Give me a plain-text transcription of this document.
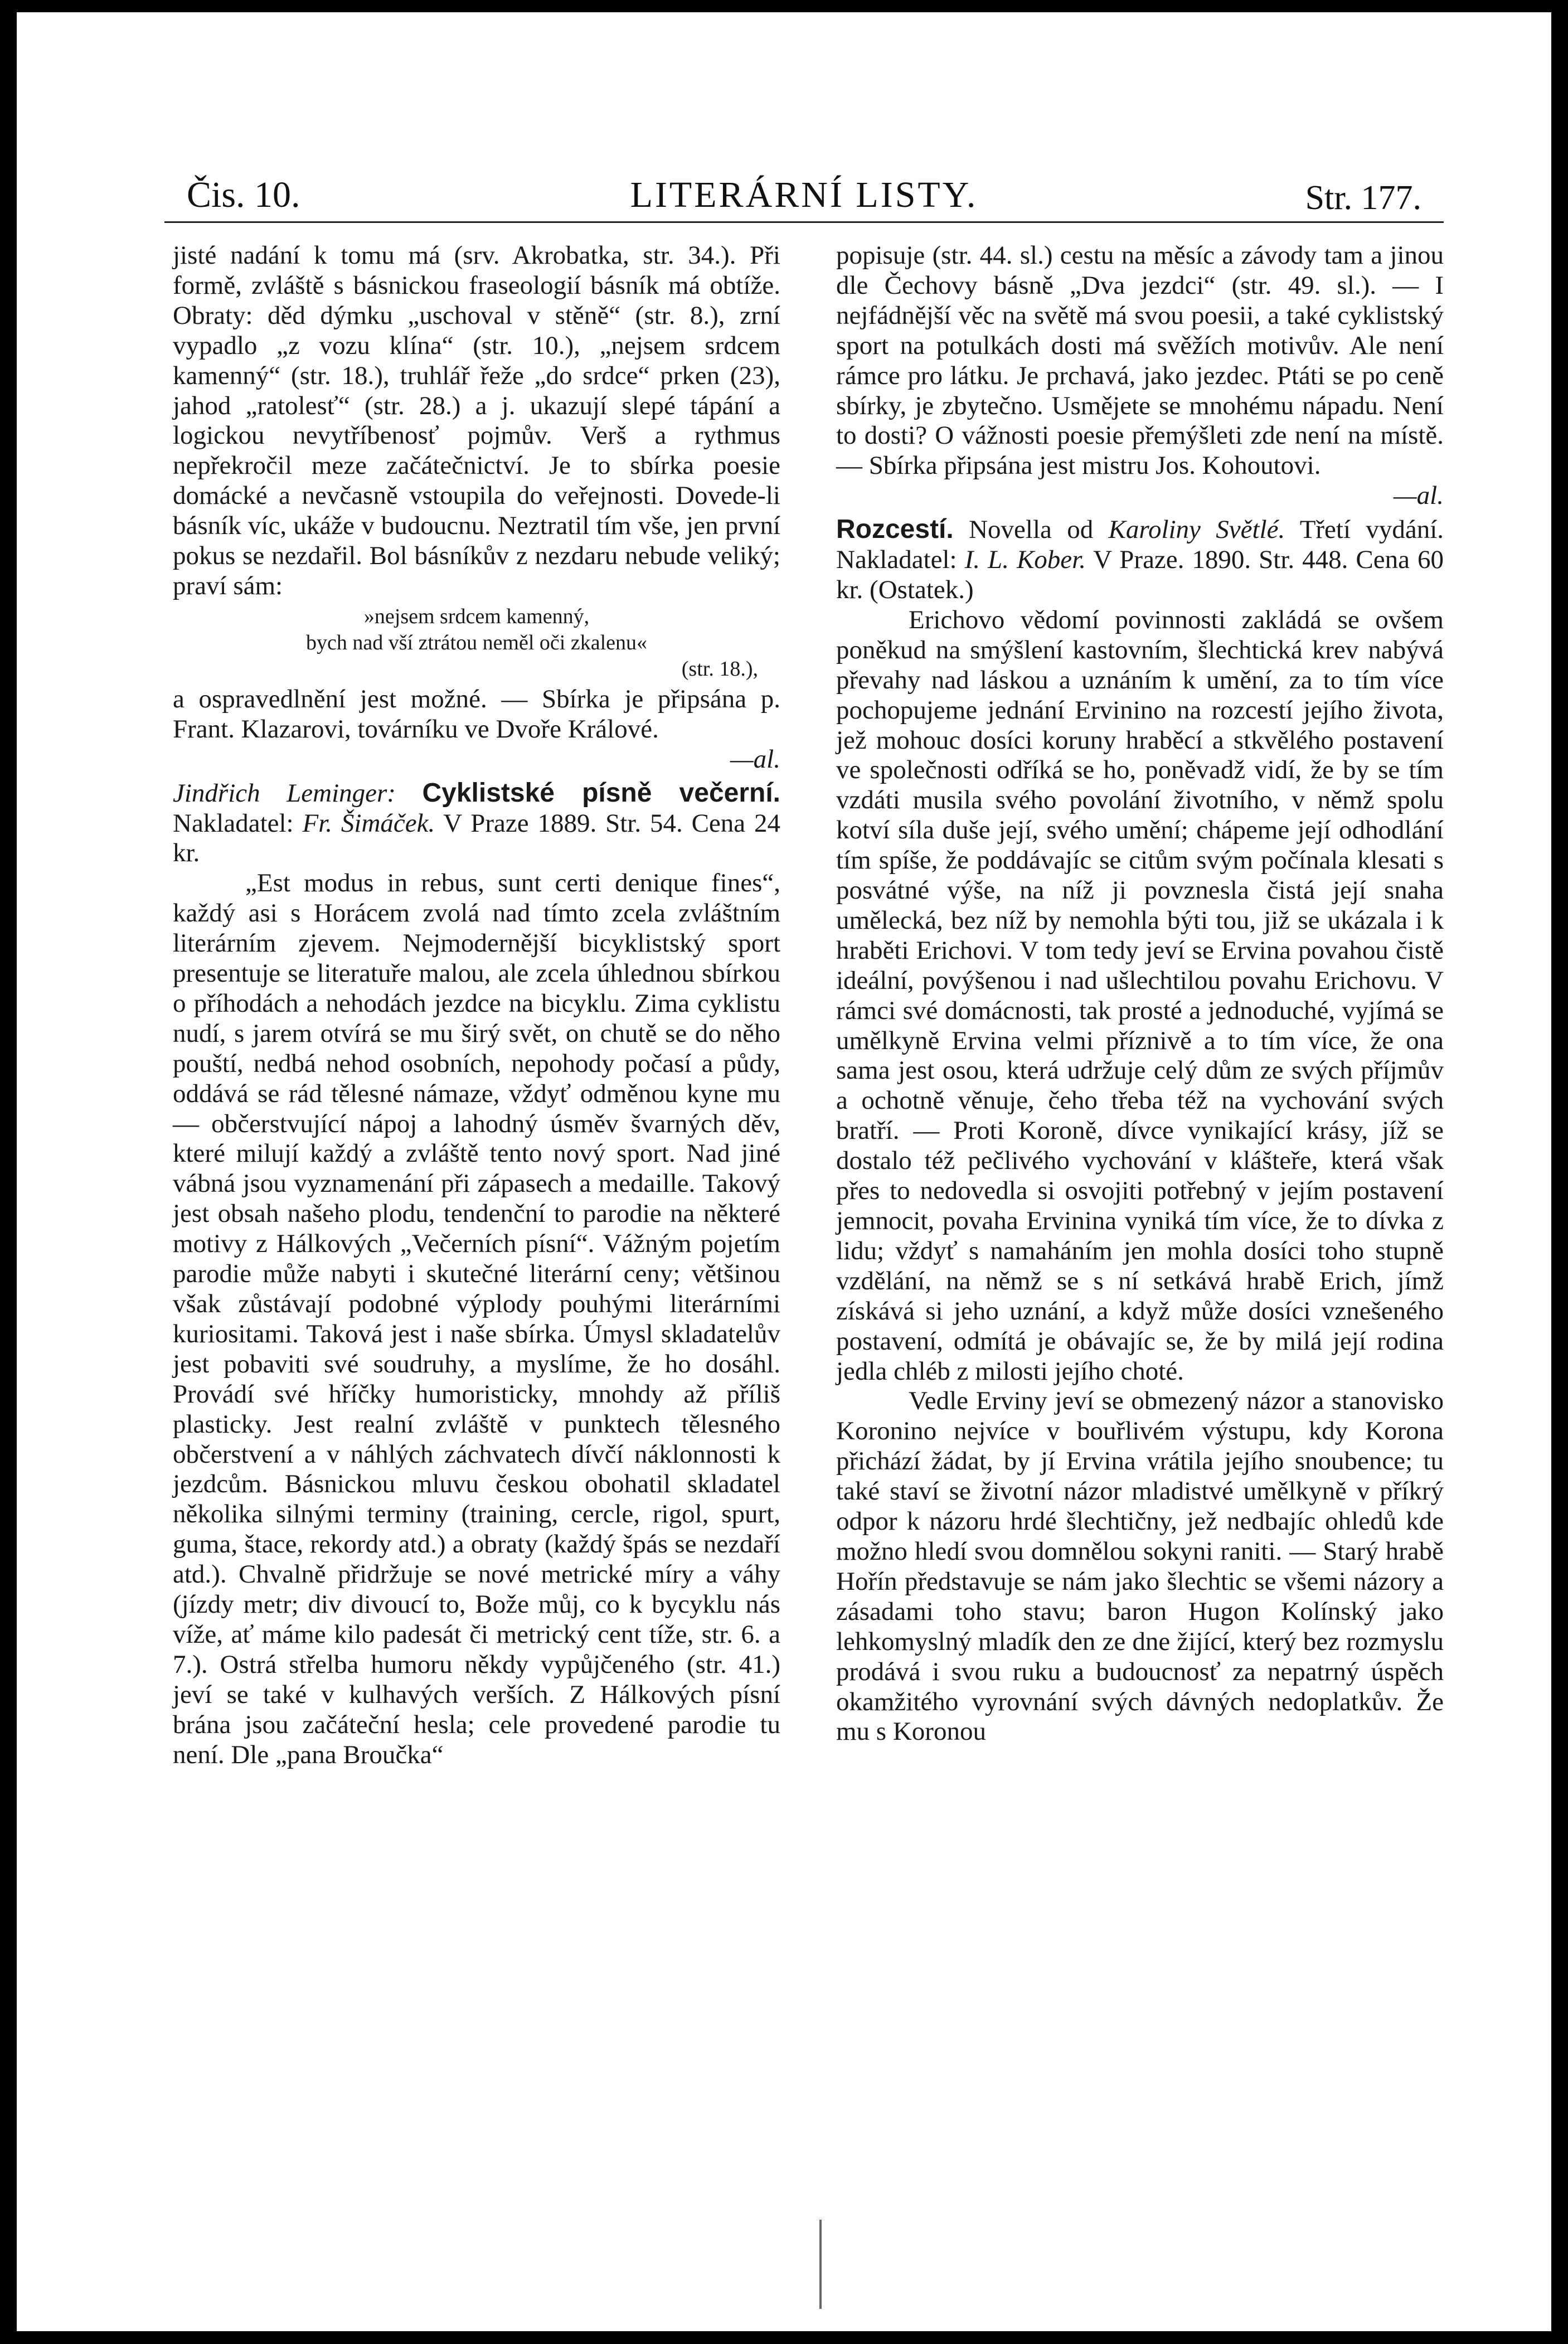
Čis. 10.	LITERÁRNÍ LISTY.	Str. 177.

jisté nadání k tomu má (srv. Akrobatka, str. 34.). Při formě, zvláště s básnickou fraseologií básník má obtíže. Obraty: děd dýmku „uschoval v stěně“ (str. 8.), zrní vypadlo „z vozu klína“ (str. 10.), „nejsem srdcem kamenný“ (str. 18.), truhlář řeže „do srdce“ prken (23), jahod „ratolesť“ (str. 28.) a j. ukazují slepé tápání a logickou nevytříbenosť pojmův. Verš a rythmus nepřekročil meze začátečnictví. Je to sbírka poesie domácké a nevčasně vstoupila do veřejnosti. Dovede-li básník víc, ukáže v budoucnu. Neztratil tím vše, jen první pokus se nezdařil. Bol básníkův z nezdaru nebude veliký; praví sám:

»nejsem srdcem kamenný,
bych nad vší ztrátou neměl oči zkalenu«
(str. 18.),

a ospravedlnění jest možné. — Sbírka je připsána p. Frant. Klazarovi, továrníku ve Dvoře Králové.

—al.

Jindřich Leminger: Cyklistské písně večerní. Nakladatel: Fr. Šimáček. V Praze 1889. Str. 54. Cena 24 kr.

„Est modus in rebus, sunt certi denique fines“, každý asi s Horácem zvolá nad tímto zcela zvláštním literárním zjevem. Nejmodernější bicyklistský sport presentuje se literatuře malou, ale zcela úhlednou sbírkou o příhodách a nehodách jezdce na bicyklu. Zima cyklistu nudí, s jarem otvírá se mu širý svět, on chutě se do něho pouští, nedbá nehod osobních, nepohody počasí a půdy, oddává se rád tělesné námaze, vždyť odměnou kyne mu — občerstvující nápoj a lahodný úsměv švarných děv, které milují každý a zvláště tento nový sport. Nad jiné vábná jsou vyznamenání při zápasech a medaille. Takový jest obsah našeho plodu, tendenční to parodie na některé motivy z Hálkových „Večerních písní“. Vážným pojetím parodie může nabyti i skutečné literární ceny; většinou však zůstávají podobné výplody pouhými literárními kuriositami. Taková jest i naše sbírka. Úmysl skladatelův jest pobaviti své soudruhy, a myslíme, že ho dosáhl. Provádí své hříčky humoristicky, mnohdy až příliš plasticky. Jest realní zvláště v punktech tělesného občerstvení a v náhlých záchvatech dívčí náklonnosti k jezdcům. Básnickou mluvu českou obohatil skladatel několika silnými terminy (training, cercle, rigol, spurt, guma, štace, rekordy atd.) a obraty (každý špás se nezdaří atd.). Chvalně přidržuje se nové metrické míry a váhy (jízdy metr; div divoucí to, Bože můj, co k bycyklu nás víže, ať máme kilo padesát či metrický cent tíže, str. 6. a 7.). Ostrá střelba humoru někdy vypůjčeného (str. 41.) jeví se také v kulhavých verších. Z Hálkových písní brána jsou začáteční hesla; cele provedené parodie tu není. Dle „pana Broučka“

popisuje (str. 44. sl.) cestu na měsíc a závody tam a jinou dle Čechovy básně „Dva jezdci“ (str. 49. sl.). — I nejfádnější věc na světě má svou poesii, a také cyklistský sport na potulkách dosti má svěžích motivův. Ale není rámce pro látku. Je prchavá, jako jezdec. Ptáti se po ceně sbírky, je zbytečno. Usmějete se mnohému nápadu. Není to dosti? O vážnosti poesie přemýšleti zde není na místě. — Sbírka připsána jest mistru Jos. Kohoutovi.

—al.

Rozcestí. Novella od Karoliny Světlé. Třetí vydání. Nakladatel: I. L. Kober. V Praze. 1890. Str. 448. Cena 60 kr. (Ostatek.)

Erichovo vědomí povinnosti zakládá se ovšem poněkud na smýšlení kastovním, šlechtická krev nabývá převahy nad láskou a uznáním k umění, za to tím více pochopujeme jednání Ervinino na rozcestí jejího života, jež mohouc dosíci koruny hraběcí a stkvělého postavení ve společnosti odříká se ho, poněvadž vidí, že by se tím vzdáti musila svého povolání životního, v němž spolu kotví síla duše její, svého umění; chápeme její odhodlání tím spíše, že poddávajíc se citům svým počínala klesati s posvátné výše, na níž ji povznesla čistá její snaha umělecká, bez níž by nemohla býti tou, již se ukázala i k hraběti Erichovi. V tom tedy jeví se Ervina povahou čistě ideální, povýšenou i nad ušlechtilou povahu Erichovu. V rámci své domácnosti, tak prosté a jednoduché, vyjímá se umělkyně Ervina velmi příznivě a to tím více, že ona sama jest osou, která udržuje celý dům ze svých příjmův a ochotně věnuje, čeho třeba též na vychování svých bratří. — Proti Koroně, dívce vynikající krásy, jíž se dostalo též pečlivého vychování v klášteře, která však přes to nedovedla si osvojiti potřebný v jejím postavení jemnocit, povaha Ervinina vyniká tím více, že to dívka z lidu; vždyť s namaháním jen mohla dosíci toho stupně vzdělání, na němž se s ní setkává hrabě Erich, jímž získává si jeho uznání, a když může dosíci vznešeného postavení, odmítá je obávajíc se, že by milá její rodina jedla chléb z milosti jejího choté.

Vedle Erviny jeví se obmezený názor a stanovisko Koronino nejvíce v bouřlivém výstupu, kdy Korona přichází žádat, by jí Ervina vrátila jejího snoubence; tu také staví se životní názor mladistvé umělkyně v příkrý odpor k názoru hrdé šlechtičny, jež nedbajíc ohledů kde možno hledí svou domnělou sokyni raniti. — Starý hrabě Hořín představuje se nám jako šlechtic se všemi názory a zásadami toho stavu; baron Hugon Kolínský jako lehkomyslný mladík den ze dne žijící, který bez rozmyslu prodává i svou ruku a budoucnosť za nepatrný úspěch okamžitého vyrovnání svých dávných nedoplatkův. Že mu s Koronou
